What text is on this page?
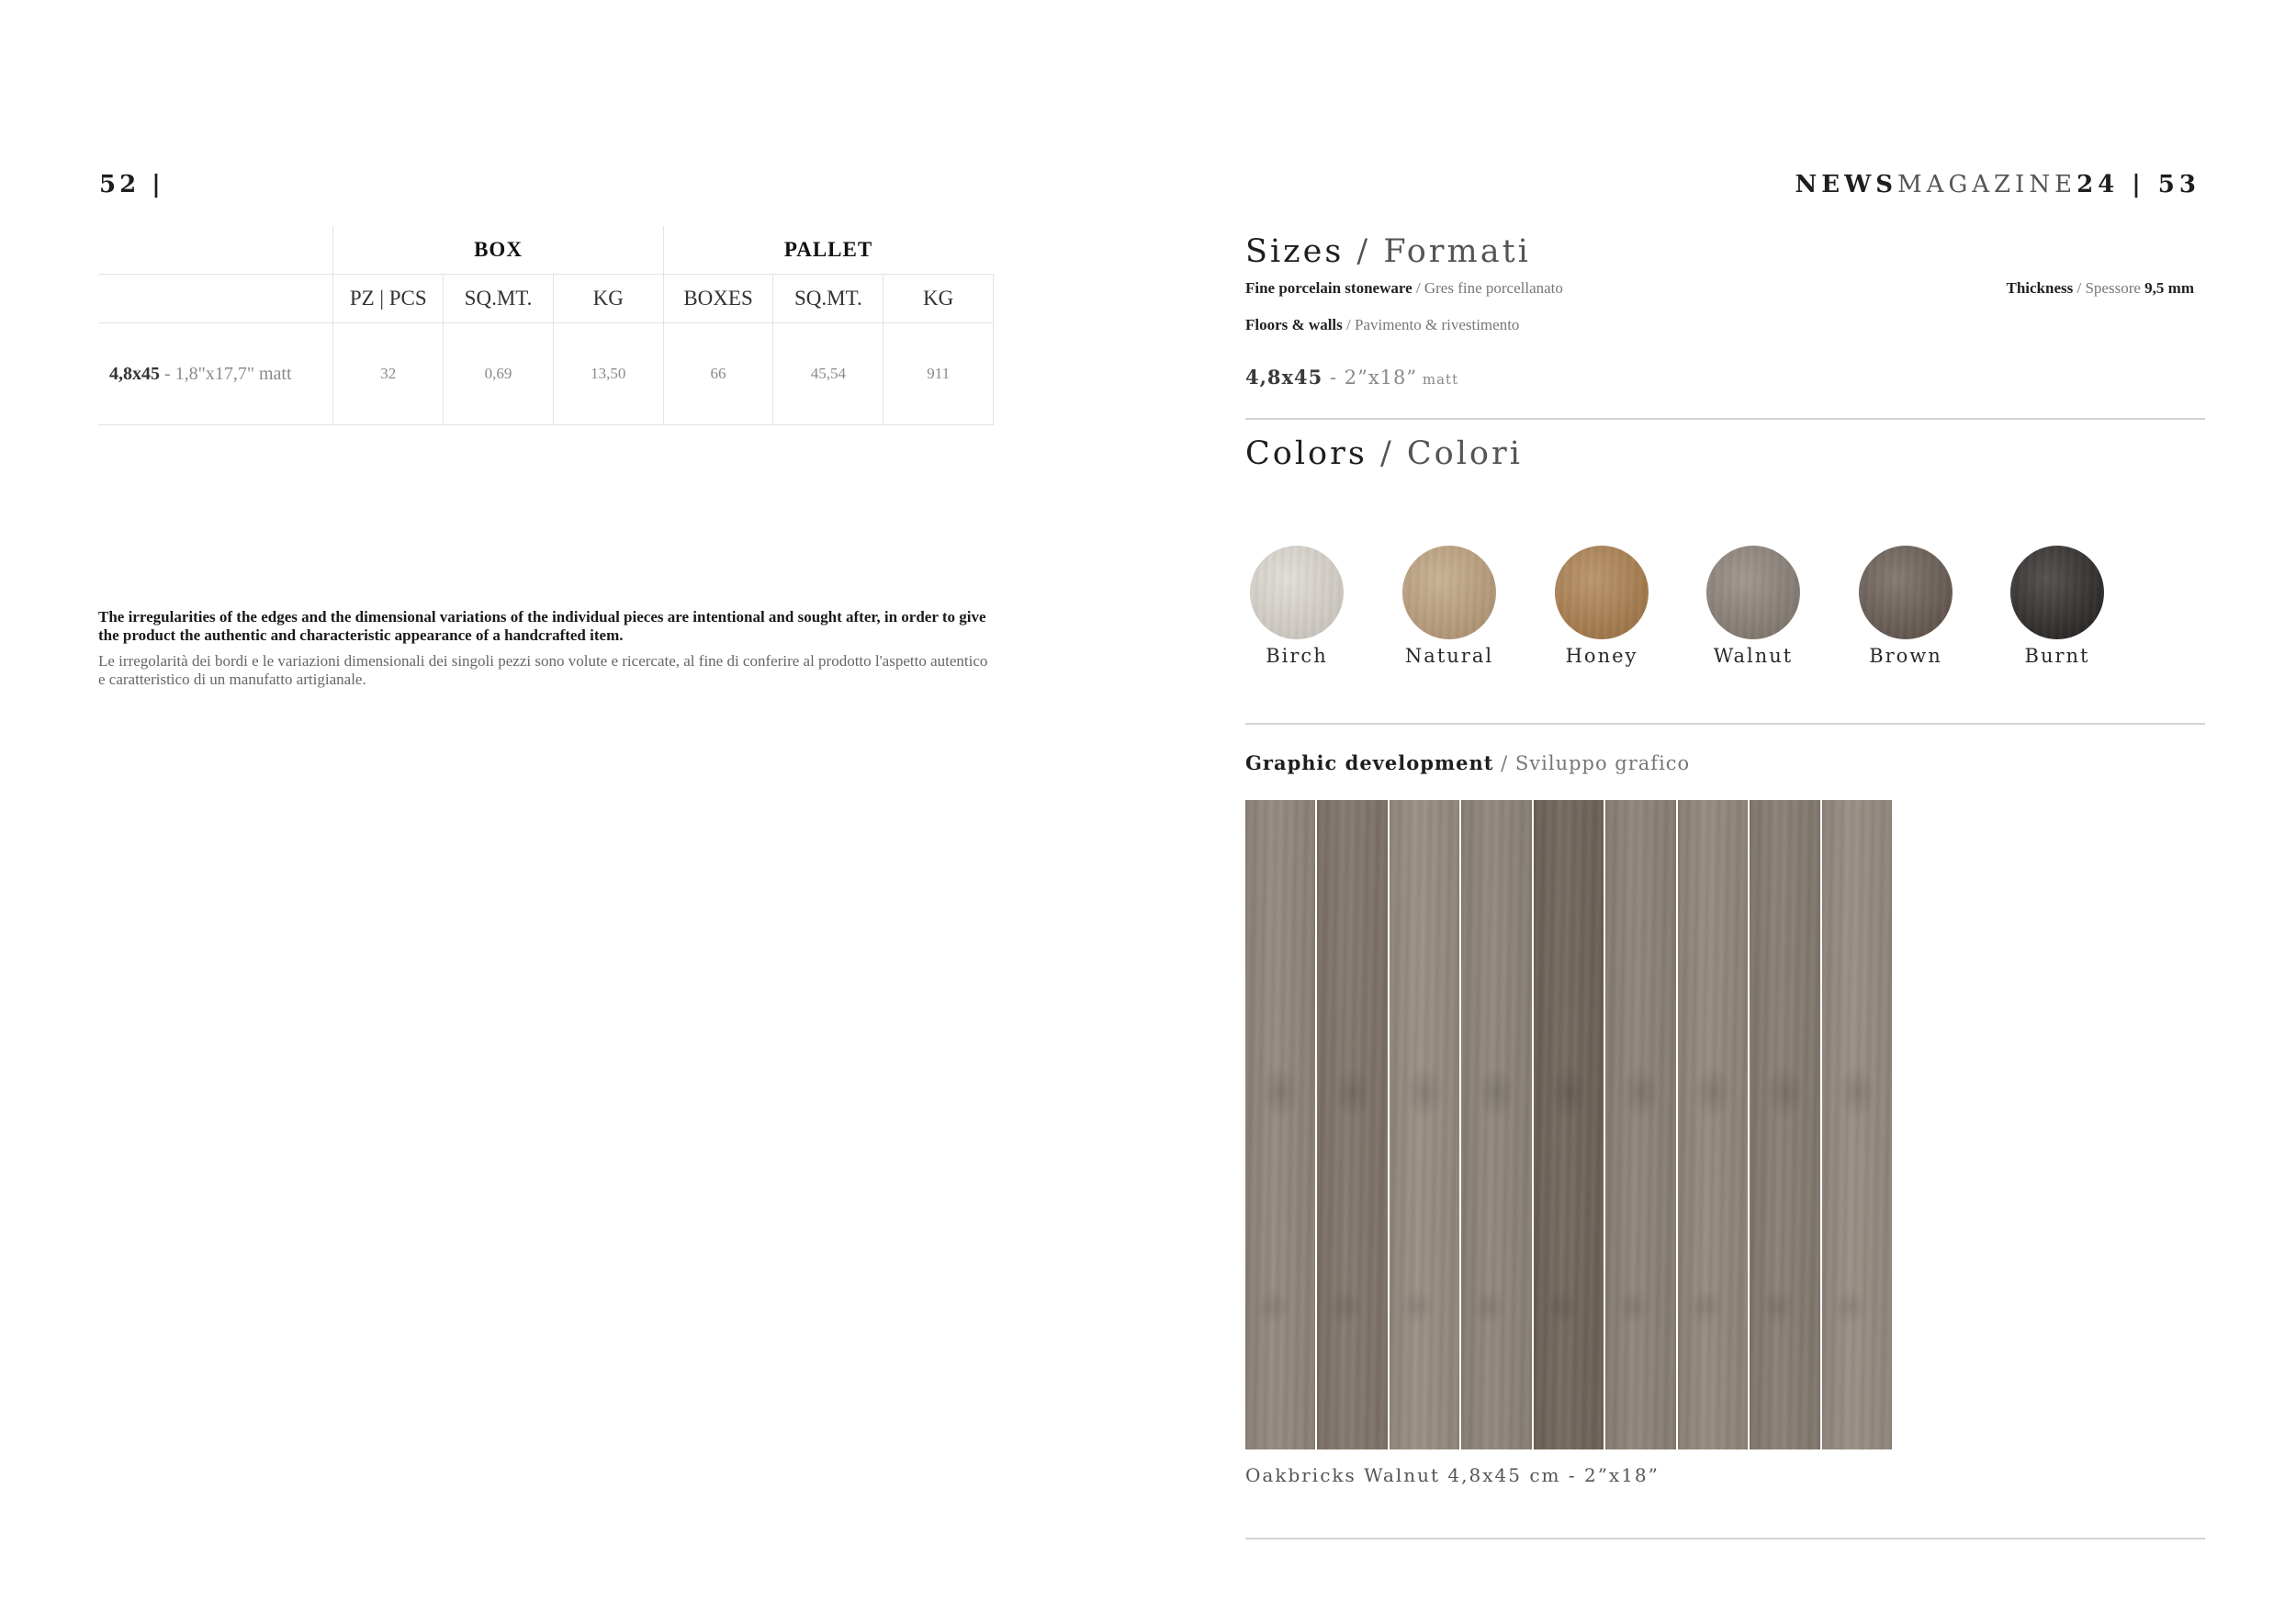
52 |
	BOX			PALLET		
	PZ | PCS	SQ.MT.	KG	BOXES	SQ.MT.	KG
4,8x45 - 1,8"x17,7" matt	32	0,69	13,50	66	45,54	911

The irregularities of the edges and the dimensional variations of the individual pieces are intentional and sought after, in order to give the product the authentic and characteristic appearance of a handcrafted item.

Le irregolarità dei bordi e le variazioni dimensionali dei singoli pezzi sono volute e ricercate, al fine di conferire al prodotto l'aspetto autentico e caratteristico di un manufatto artigianale.

NEWSMAGAZINE24 | 53
Sizes / Formati
Fine porcelain stoneware / Gres fine porcellanato	Thickness / Spessore 9,5 mm
Floors & walls / Pavimento & rivestimento
4,8x45 - 2”x18” matt
Colors / Colori
Birch	Natural	Honey	Walnut	Brown	Burnt
Graphic development / Sviluppo grafico
Oakbricks Walnut 4,8x45 cm - 2”x18”
